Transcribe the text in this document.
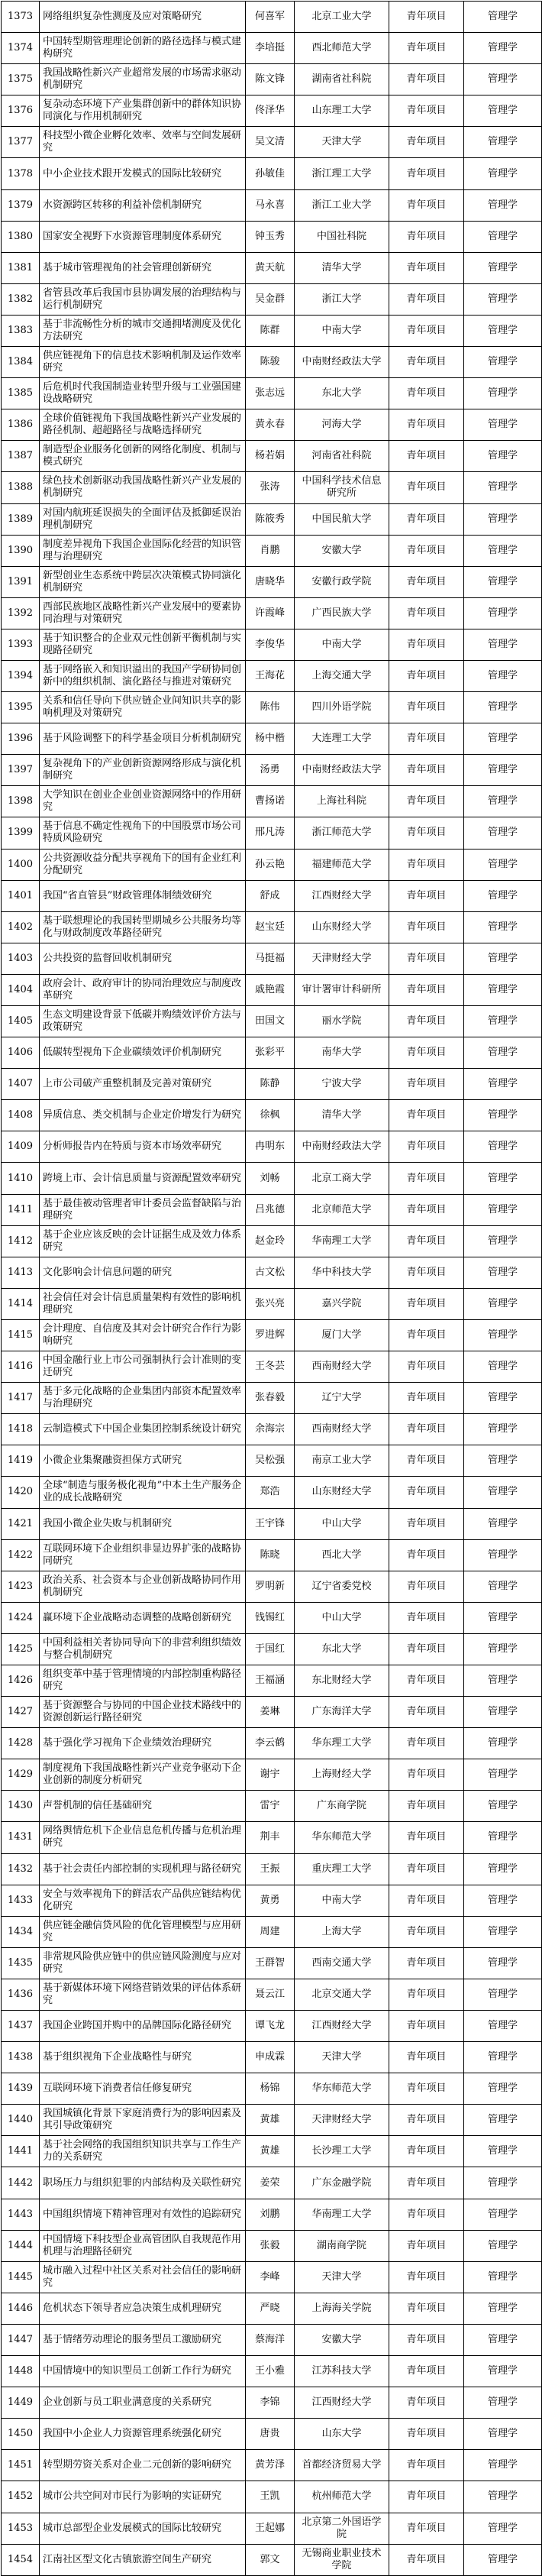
1373	网络组织复杂性测度及应对策略研究	何喜军	北京工业大学	青年项目	管理学
1374	中国转型期管理理论创新的路径选择与模式建构研究	李培挺	西北师范大学	青年项目	管理学
1375	我国战略性新兴产业超常发展的市场需求驱动机制研究	陈文锋	湖南省社科院	青年项目	管理学
1376	复杂动态环境下产业集群创新中的群体知识协同演化与作用机制研究	佟泽华	山东理工大学	青年项目	管理学
1377	科技型小微企业孵化效率、效率与空间发展研究	吴文清	天津大学	青年项目	管理学
1378	中小企业技术跟开发模式的国际比较研究	孙敏佳	浙江理工大学	青年项目	管理学
1379	水资源跨区转移的利益补偿机制研究	马永喜	浙江工业大学	青年项目	管理学
1380	国家安全视野下水资源管理制度体系研究	钟玉秀	中国社科院	青年项目	管理学
1381	基于城市管理视角的社会管理创新研究	黄天航	清华大学	青年项目	管理学
1382	省管县改革后我国市县协调发展的治理结构与运行机制研究	吴金群	浙江大学	青年项目	管理学
1383	基于非流畅性分析的城市交通拥堵测度及优化方法研究	陈群	中南大学	青年项目	管理学
1384	供应链视角下的信息技术影响机制及运作效率研究	陈骏	中南财经政法大学	青年项目	管理学
1385	后危机时代我国制造业转型升级与工业强国建设战略研究	张志远	东北大学	青年项目	管理学
1386	全球价值链视角下我国战略性新兴产业发展的路径机制、超超路径与战略选择研究	黄永春	河海大学	青年项目	管理学
1387	制造型企业服务化创新的网络化制度、机制与模式研究	杨若娟	河南省社科院	青年项目	管理学
1388	绿色技术创新驱动我国战略性新兴产业发展的机制研究	张涛	中国科学技术信息研究所	青年项目	管理学
1389	对国内航班延误损失的全面评估及抵御延误治理机制研究	陈筱秀	中国民航大学	青年项目	管理学
1390	制度差异视角下我国企业国际化经营的知识管理与治理研究	肖鹏	安徽大学	青年项目	管理学
1391	新型创业生态系统中跨层次决策模式协同演化机制研究	唐晓华	安徽行政学院	青年项目	管理学
1392	西部民族地区战略性新兴产业发展中的要素协同治理与对策研究	许霞峰	广西民族大学	青年项目	管理学
1393	基于知识整合的企业双元性创新平衡机制与实现路径研究	李俊华	中南大学	青年项目	管理学
1394	基于网络嵌入和知识溢出的我国产学研协同创新中的组织机制、演化路径与推进对策研究	王海花	上海交通大学	青年项目	管理学
1395	关系和信任导向下供应链企业间知识共享的影响机理及对策研究	陈伟	四川外语学院	青年项目	管理学
1396	基于风险调整下的科学基金项目分析机制研究	杨中楷	大连理工大学	青年项目	管理学
1397	复杂视角下的产业创新资源网络形成与演化机制研究	汤勇	中南财经政法大学	青年项目	管理学
1398	大学知识在创业企业创业资源网络中的作用研究	曹扬诺	上海社科院	青年项目	管理学
1399	基于信息不确定性视角下的中国股票市场公司特质风险研究	邢凡涛	浙江师范大学	青年项目	管理学
1400	公共资源收益分配共享视角下的国有企业红利分配研究	孙云艳	福建师范大学	青年项目	管理学
1401	我国“省直管县”财政管理体制绩效研究	舒成	江西财经大学	青年项目	管理学
1402	基于联想理论的我国转型期城乡公共服务均等化与财政制度改革路径研究	赵宝廷	山东财经大学	青年项目	管理学
1403	公共投资的监督回收机制研究	马挺福	天津财经大学	青年项目	管理学
1404	政府会计、政府审计的协同治理效应与制度改革研究	戚艳霞	审计署审计科研所	青年项目	管理学
1405	生态文明建设背景下低碳并购绩效评价方法与政策研究	田国文	丽水学院	青年项目	管理学
1406	低碳转型视角下企业碳绩效评价机制研究	张彩平	南华大学	青年项目	管理学
1407	上市公司破产重整机制及完善对策研究	陈静	宁波大学	青年项目	管理学
1408	异质信息、类交机制与企业定价增发行为研究	徐枫	清华大学	青年项目	管理学
1409	分析师报告内在特质与资本市场效率研究	冉明东	中南财经政法大学	青年项目	管理学
1410	跨境上市、会计信息质量与资源配置效率研究	刘畅	北京工商大学	青年项目	管理学
1411	基于最佳被动管理者审计委员会监督缺陷与治理研究	吕兆德	北京师范大学	青年项目	管理学
1412	基于企业应该反映的会计证据生成及效力体系研究	赵金玲	华南理工大学	青年项目	管理学
1413	文化影响会计信息问题的研究	古文松	华中科技大学	青年项目	管理学
1414	社会信任对会计信息质量架构有效性的影响机理研究	张兴亮	嘉兴学院	青年项目	管理学
1415	会计理度、自信度及其对会计研究合作行为影响研究	罗进辉	厦门大学	青年项目	管理学
1416	中国金融行业上市公司强制执行会计准则的变迁研究	王冬芸	西南财经大学	青年项目	管理学
1417	基于多元化战略的企业集团内部资本配置效率与治理研究	张春毅	辽宁大学	青年项目	管理学
1418	云制造模式下中国企业集团控制系统设计研究	余海宗	西南财经大学	青年项目	管理学
1419	小微企业集聚融资担保方式研究	吴松强	南京工业大学	青年项目	管理学
1420	全球“制造与服务极化视角”中本土生产服务企业的成长战略研究	郑浩	山东财经大学	青年项目	管理学
1421	我国小微企业失败与机制研究	王宇锋	中山大学	青年项目	管理学
1422	互联网环境下企业组织非显边界扩张的战略协同研究	陈晓	西北大学	青年项目	管理学
1423	政治关系、社会资本与企业创新战略协同作用机制研究	罗明新	辽宁省委党校	青年项目	管理学
1424	赢环境下企业战略动态调整的战略创新研究	钱锡红	中山大学	青年项目	管理学
1425	中国利益相关者协同导向下的非营利组织绩效与整合机制研究	于国红	东北大学	青年项目	管理学
1426	组织变革中基于管理情境的内部控制重构路径研究	王福涵	东北财经大学	青年项目	管理学
1427	基于资源整合与协同的中国企业技术路线中的资源创新运行路径研究	姜琳	广东海洋大学	青年项目	管理学
1428	基于强化学习视角下企业绩效治理研究	李云鹤	华东理工大学	青年项目	管理学
1429	制度视角下我国战略性新兴产业竞争驱动下企业创新的制度分析研究	谢宇	上海财经大学	青年项目	管理学
1430	声誉机制的信任基础研究	雷宇	广东商学院	青年项目	管理学
1431	网络舆情危机下企业信息危机传播与危机治理研究	荆丰	华东师范大学	青年项目	管理学
1432	基于社会责任内部控制的实现机理与路径研究	王振	重庆理工大学	青年项目	管理学
1433	安全与效率视角下的鲜活农产品供应链结构优化研究	黄勇	中南大学	青年项目	管理学
1434	供应链金融信贷风险的优化管理模型与应用研究	周建	上海大学	青年项目	管理学
1435	非常规风险供应链中的供应链风险测度与应对研究	王群智	西南交通大学	青年项目	管理学
1436	基于新媒体环境下网络营销效果的评估体系研究	聂云江	北京交通大学	青年项目	管理学
1437	我国企业跨国并购中的品牌国际化路径研究	谭飞龙	江西财经大学	青年项目	管理学
1438	基于组织视角下企业战略性与研究	申成霖	天津大学	青年项目	管理学
1439	互联网环境下消费者信任修复研究	杨锦	华东师范大学	青年项目	管理学
1440	我国城镇化背景下家庭消费行为的影响因素及其引导政策研究	黄雄	天津财经大学	青年项目	管理学
1441	基于社会网络的我国组织知识共享与工作生产力的关系研究	黄雄	长沙理工大学	青年项目	管理学
1442	职场压力与组织犯罪的内部结构及关联性研究	姜荣	广东金融学院	青年项目	管理学
1443	中国组织情境下精神管理对有效性的追踪研究	刘鹏	华南理工大学	青年项目	管理学
1444	中国情境下科技型企业高管团队自我规范作用机理与治理路径研究	张毅	湖南商学院	青年项目	管理学
1445	城市融入过程中社区关系对社会信任的影响研究	李峰	天津大学	青年项目	管理学
1446	危机状态下领导者应急决策生成机理研究	严晓	上海海关学院	青年项目	管理学
1447	基于情绪劳动理论的服务型员工激励研究	蔡海洋	安徽大学	青年项目	管理学
1448	中国情境中的知识型员工创新工作行为研究	王小雅	江苏科技大学	青年项目	管理学
1449	企业创新与员工职业满意度的关系研究	李锦	江西财经大学	青年项目	管理学
1450	我国中小企业人力资源管理系统强化研究	唐贵	山东大学	青年项目	管理学
1451	转型期劳资关系对企业二元创新的影响研究	黄芳泽	首都经济贸易大学	青年项目	管理学
1452	城市公共空间对市民行为影响的实证研究	王凯	杭州师范大学	青年项目	管理学
1453	城市总部型企业发展模式的国际比较研究	王起娜	北京第二外国语学院	青年项目	管理学
1454	江南社区型文化古镇旅游空间生产研究	郭文	无锡商业职业技术学院	青年项目	管理学
